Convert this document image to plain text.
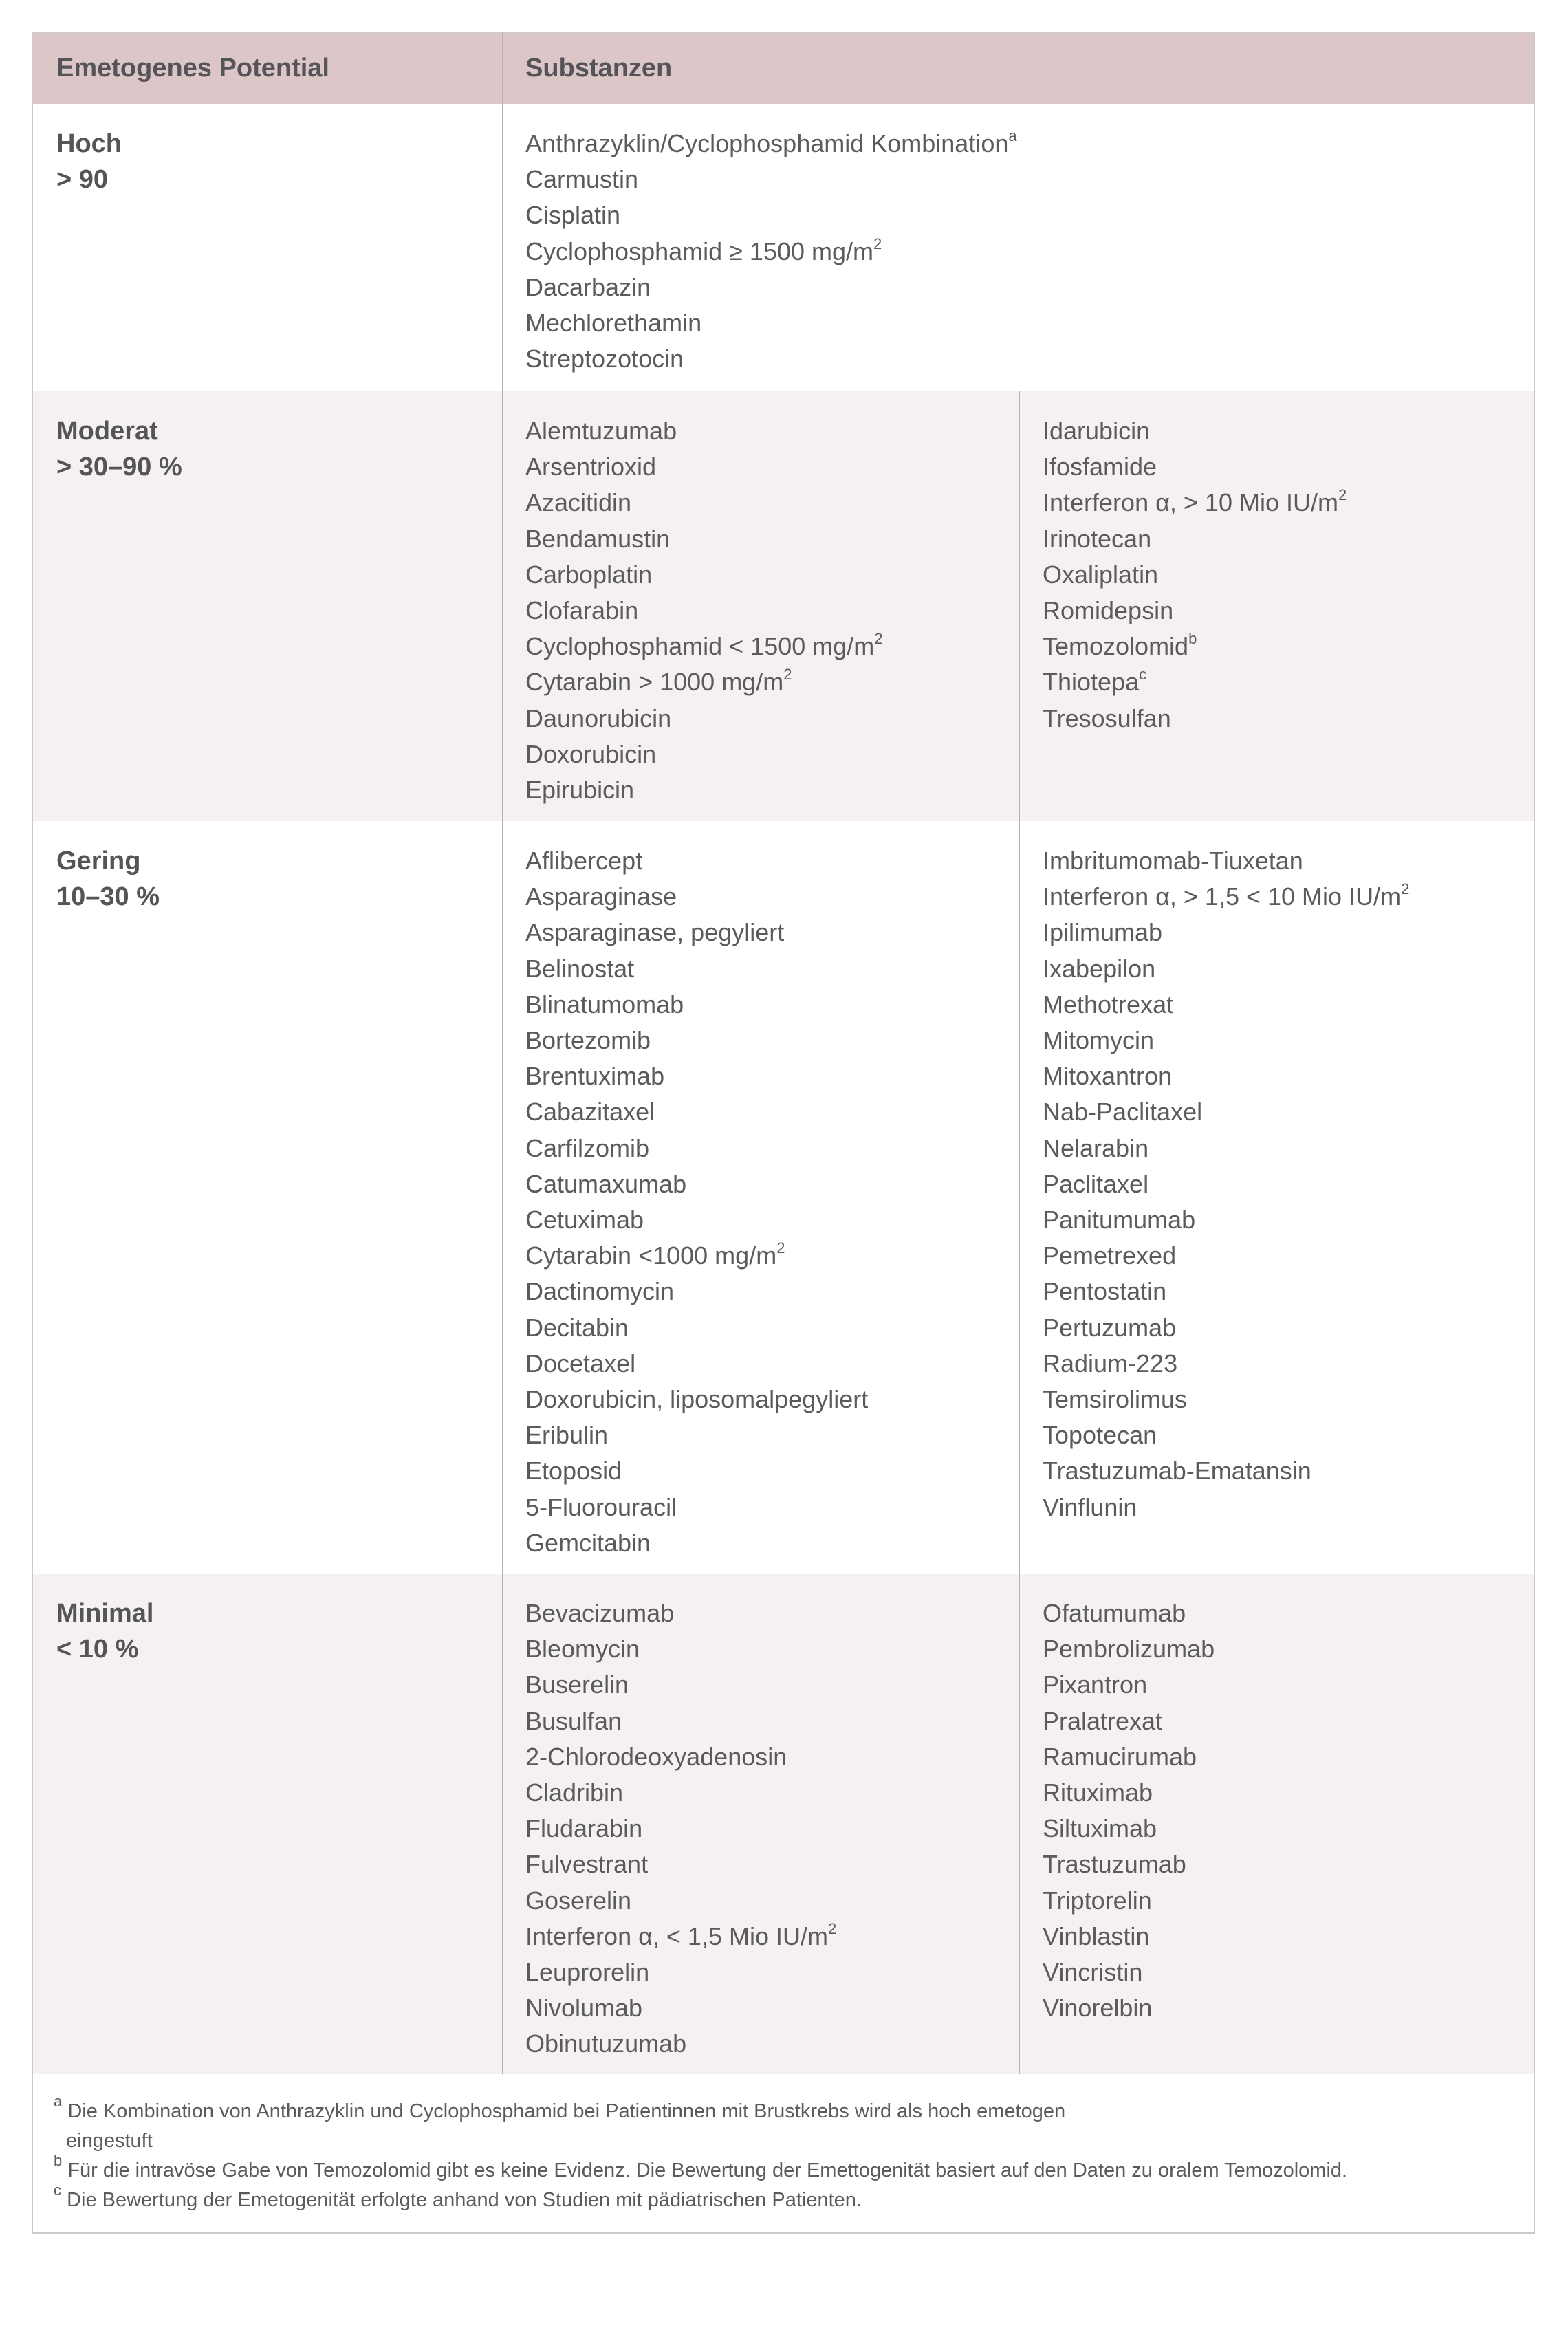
Emetogenes Potential	Substanzen
Hoch
> 90
Anthrazyklin/Cyclophosphamid Kombination$^a$
Carmustin
Cisplatin
Cyclophosphamid ≥ 1500 $mg/m^2$
Dacarbazin
Mechlorethamin
Streptozotocin
Moderat
> 30–90 %
Alemtuzumab
Arsentrioxid
Azacitidin
Bendamustin
Carboplatin
Clofarabin
Cyclophosphamid < 1500 $mg/m^2$
Cytarabin > 1000 $mg/m^2$
Daunorubicin
Doxorubicin
Epirubicin
Idarubicin
Ifosfamide
Interferon α, > 10 Mio $IU/m^2$
Irinotecan
Oxaliplatin
Romidepsin
Temozolomid$^b$
Thiotepa$^c$
Tresosulfan
Gering
10–30 %
Aflibercept
Asparaginase
Asparaginase, pegyliert
Belinostat
Blinatumomab
Bortezomib
Brentuximab
Cabazitaxel
Carfilzomib
Catumaxumab
Cetuximab
Cytarabin <1000 $mg/m^2$
Dactinomycin
Decitabin
Docetaxel
Doxorubicin, liposomalpegyliert
Eribulin
Etoposid
5-Fluorouracil
Gemcitabin
Imbritumomab-Tiuxetan
Interferon α, > 1,5 < 10 Mio $IU/m^2$
Ipilimumab
Ixabepilon
Methotrexat
Mitomycin
Mitoxantron
Nab-Paclitaxel
Nelarabin
Paclitaxel
Panitumumab
Pemetrexed
Pentostatin
Pertuzumab
Radium-223
Temsirolimus
Topotecan
Trastuzumab-Ematansin
Vinflunin
Minimal
< 10 %
Bevacizumab
Bleomycin
Buserelin
Busulfan
2-Chlorodeoxyadenosin
Cladribin
Fludarabin
Fulvestrant
Goserelin
Interferon α, < 1,5 Mio $IU/m^2$
Leuprorelin
Nivolumab
Obinutuzumab
Ofatumumab
Pembrolizumab
Pixantron
Pralatrexat
Ramucirumab
Rituximab
Siltuximab
Trastuzumab
Triptorelin
Vinblastin
Vincristin
Vinorelbin

$^a$ Die Kombination von Anthrazyklin und Cyclophosphamid bei Patientinnen mit Brustkrebs wird als hoch emetogen

eingestuft

$^b$ Für die intravöse Gabe von Temozolomid gibt es keine Evidenz. Die Bewertung der Emettogenität basiert auf den Daten zu oralem Temozolomid.

$^c$ Die Bewertung der Emetogenität erfolgte anhand von Studien mit pädiatrischen Patienten.
